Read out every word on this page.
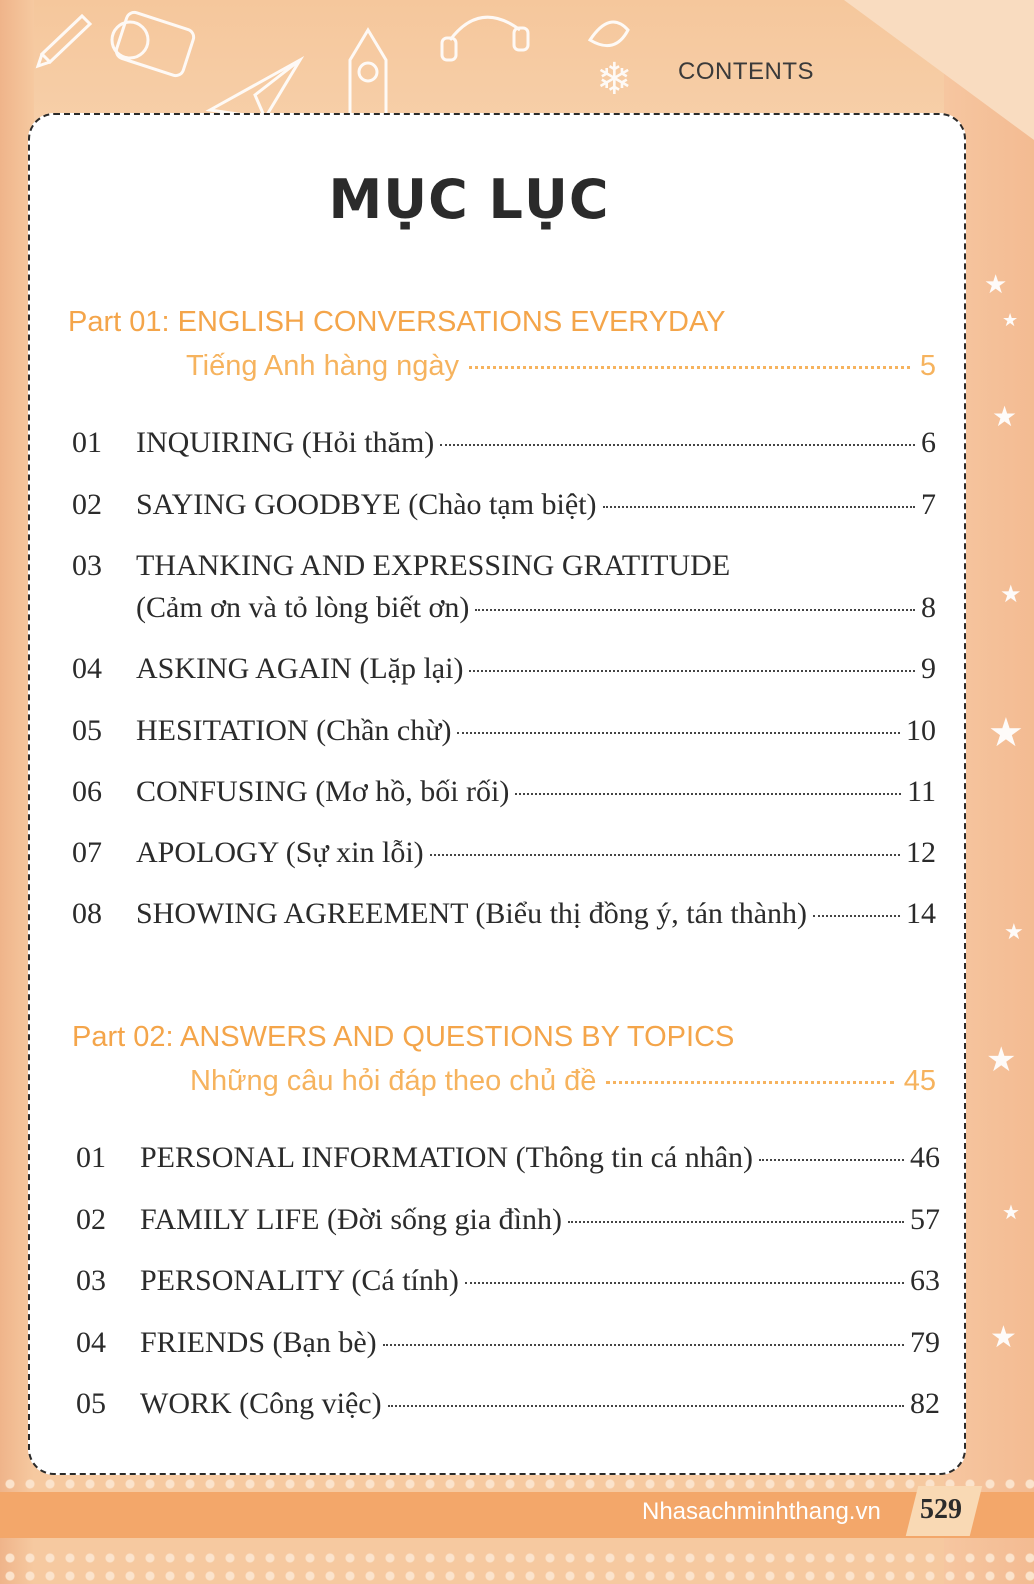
❄ CONTENTS
★
★
★
★
★
★
★
★
★
MỤC LỤC
Part 01: ENGLISH CONVERSATIONS EVERYDAY
Tiếng Anh hàng ngày	5
01	INQUIRING (Hỏi thăm)	6
02	SAYING GOODBYE (Chào tạm biệt)	7
03	THANKING AND EXPRESSING GRATITUDE
(Cảm ơn và tỏ lòng biết ơn)	8
04	ASKING AGAIN (Lặp lại)	9
05	HESITATION (Chần chừ)	10
06	CONFUSING (Mơ hồ, bối rối)	11
07	APOLOGY (Sự xin lỗi)	12
08	SHOWING AGREEMENT (Biểu thị đồng ý, tán thành)	14
Part 02: ANSWERS AND QUESTIONS BY TOPICS
Những câu hỏi đáp theo chủ đề	45
01	PERSONAL INFORMATION (Thông tin cá nhân)	46
02	FAMILY LIFE (Đời sống gia đình)	57
03	PERSONALITY (Cá tính)	63
04	FRIENDS (Bạn bè)	79
05	WORK (Công việc)	82
Nhasachminhthang.vn 529
